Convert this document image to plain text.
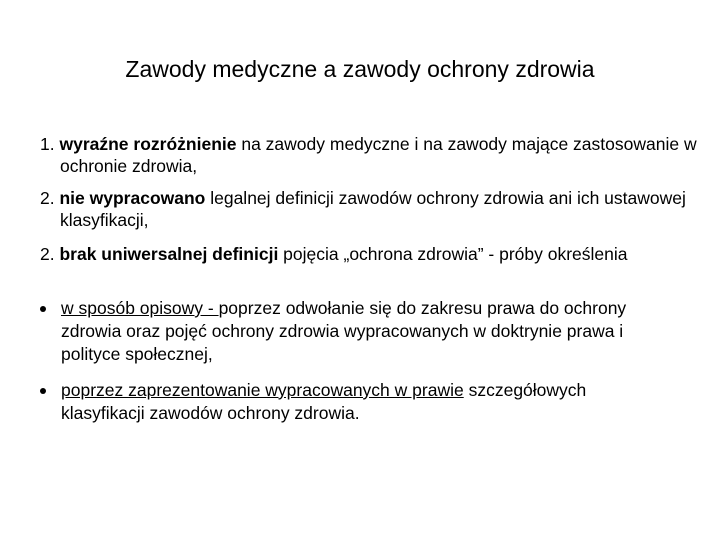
Zawody medyczne a zawody ochrony zdrowia
1. wyraźne rozróżnienie na zawody medyczne i na zawody mające zastosowanie w ochronie zdrowia,
2. nie wypracowano legalnej definicji zawodów ochrony zdrowia ani ich ustawowej klasyfikacji,
2. brak uniwersalnej definicji pojęcia „ochrona zdrowia” - próby określenia
w sposób opisowy - poprzez odwołanie się do zakresu prawa do ochrony zdrowia oraz pojęć ochrony zdrowia wypracowanych w doktrynie prawa i polityce społecznej,
poprzez zaprezentowanie wypracowanych w prawie szczegółowych klasyfikacji zawodów ochrony zdrowia.
